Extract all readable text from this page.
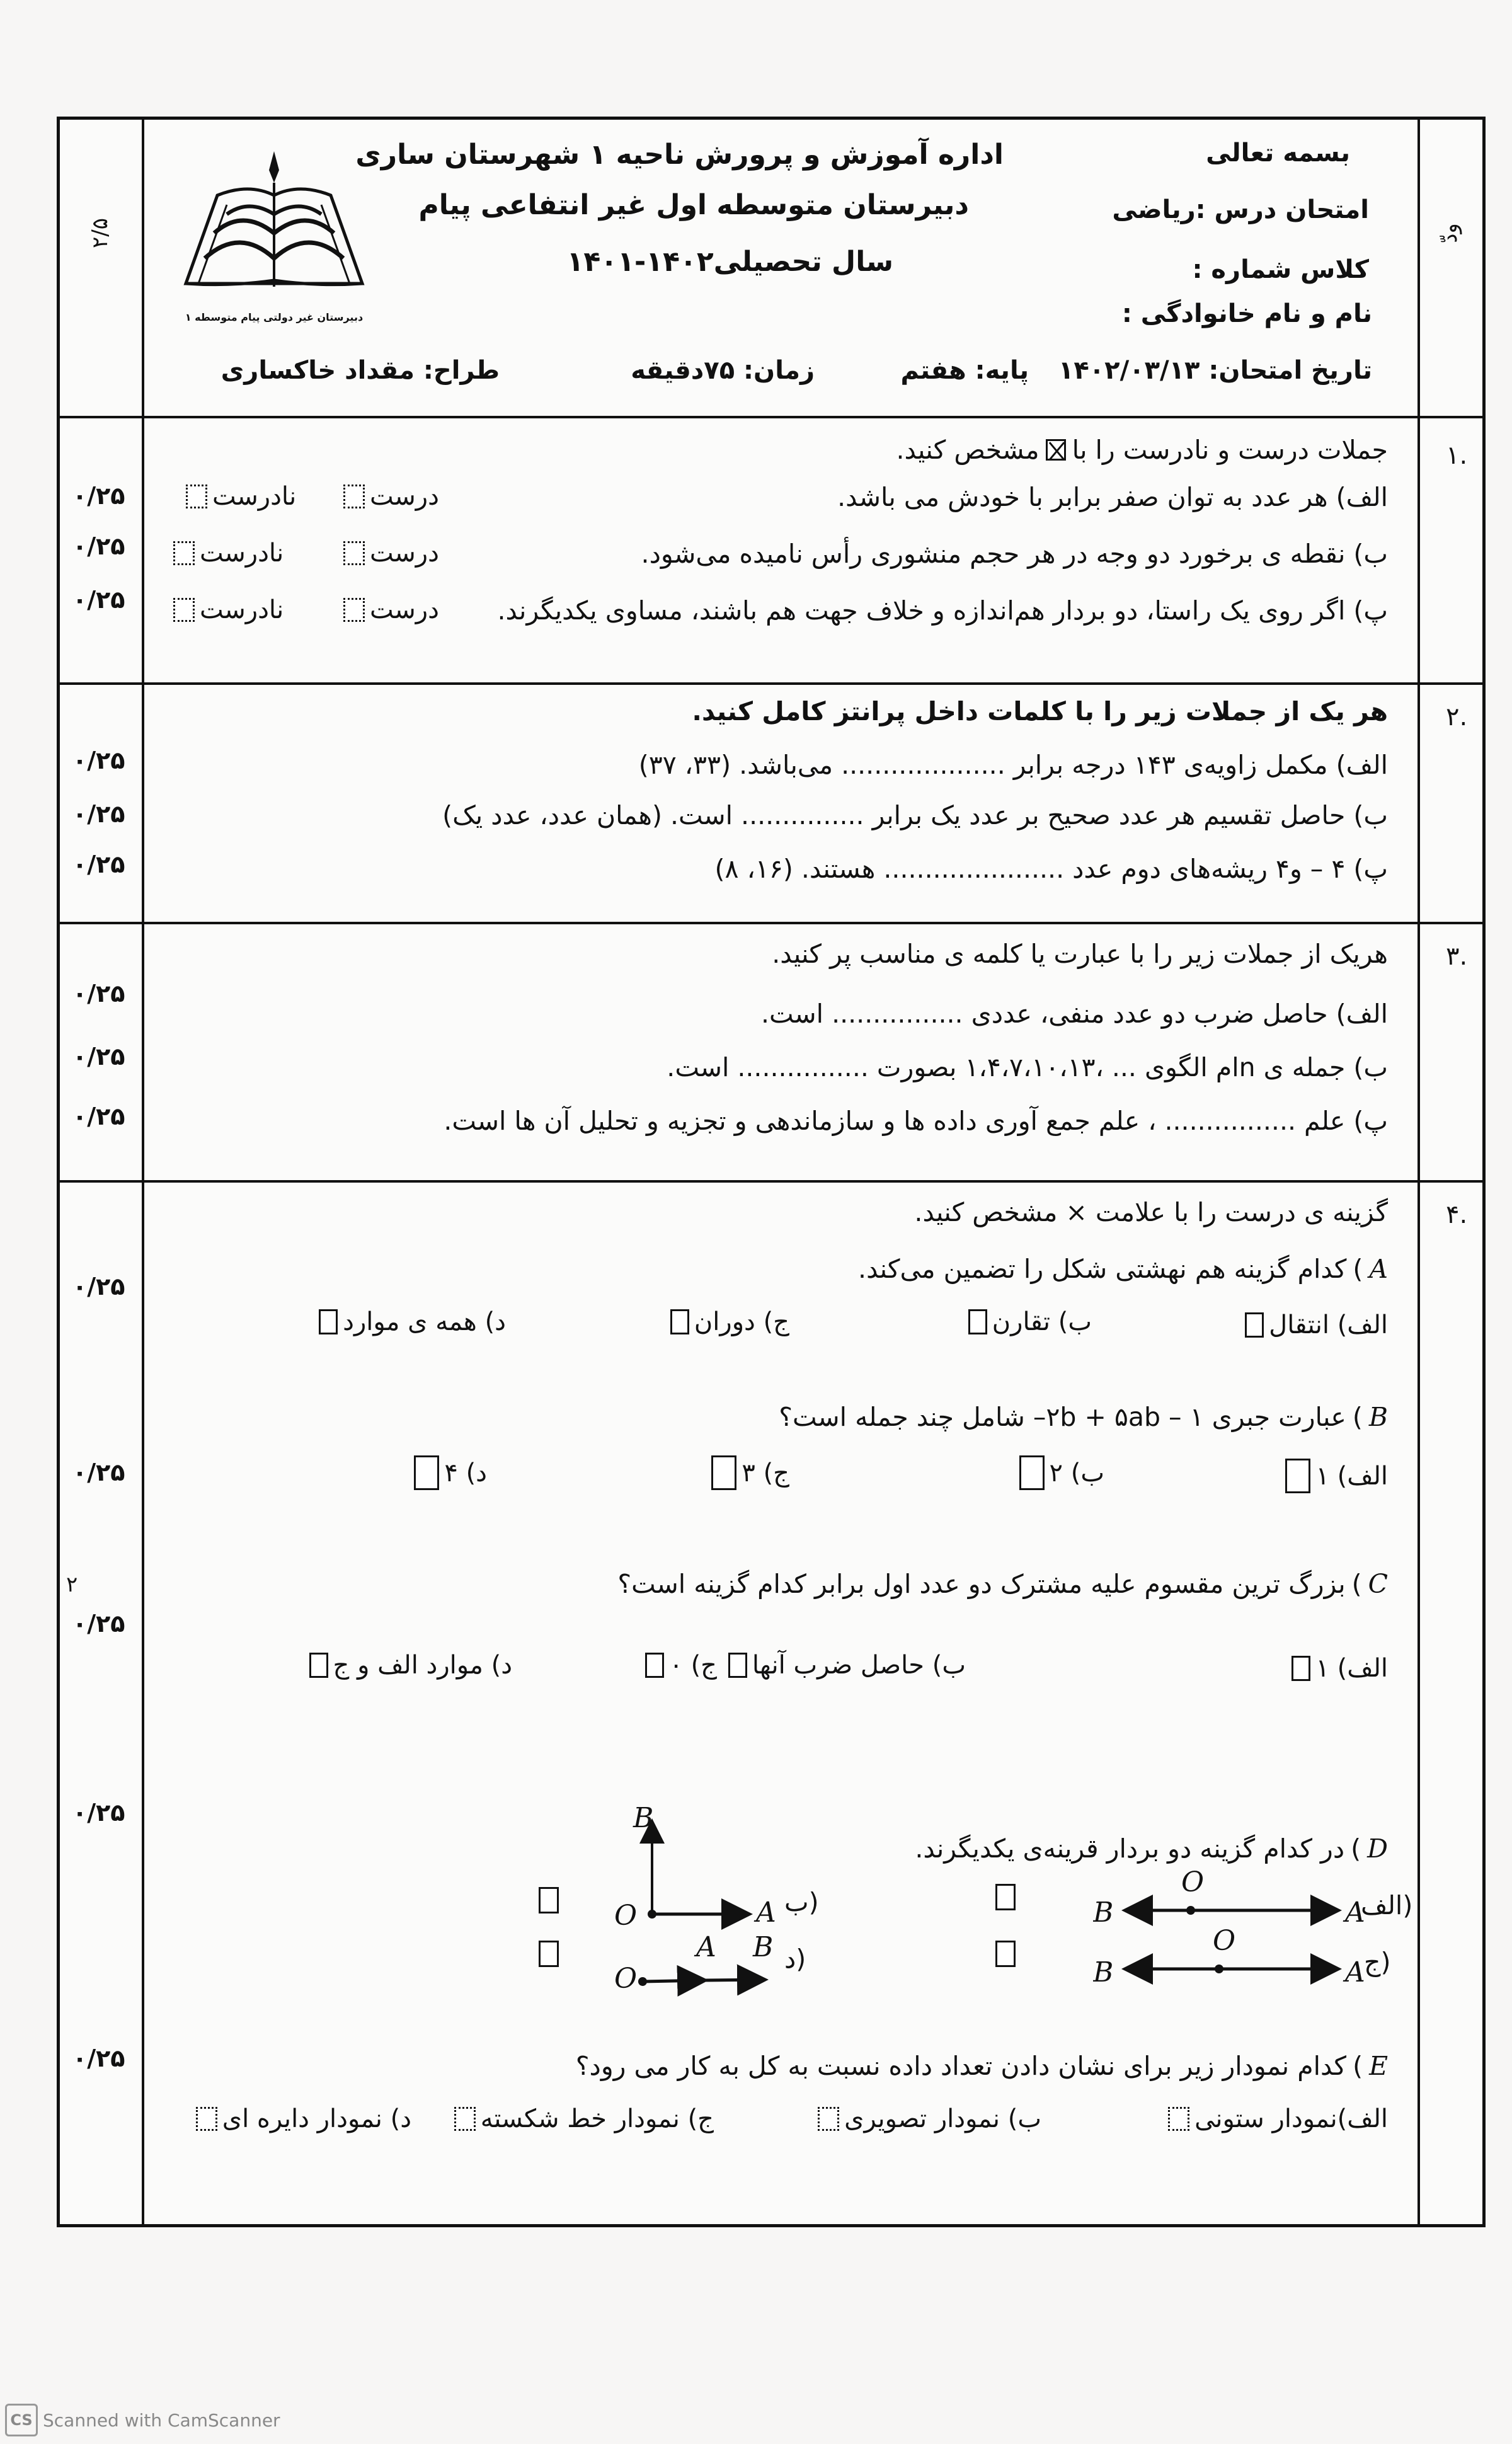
۲/۵	ودّ
دبیرستان غیر دولتی پیام متوسطه ۱
بسمه تعالی
اداره آموزش و پرورش ناحیه ۱ شهرستان ساری
امتحان درس :ریاضی
دبیرستان متوسطه اول غیر انتفاعی پیام
کلاس شماره :
سال تحصیلی۱۴۰۲-۱۴۰۱
نام و نام خانوادگی :
تاریخ امتحان: ۱۴۰۲/۰۳/۱۳
پایه: هفتم
زمان: ۷۵دقیقه
طراح: مقداد خاکساری
۱.
جملات درست و نادرست را با
مشخص کنید.
الف) هر عدد به توان صفر برابر با خودش می باشد.
۰/۲۵	درست
نادرست
ب) نقطه ی برخورد دو وجه در هر حجم منشوری رأس نامیده می‌شود.
۰/۲۵	درست
نادرست
پ) اگر روی یک راستا، دو بردار هم‌اندازه و خلاف جهت هم باشند، مساوی یکدیگرند.
۰/۲۵	درست
نادرست
۲.
هر یک از جملات زیر را با کلمات داخل پرانتز کامل کنید.
الف) مکمل زاویه‌ی ۱۴۳ درجه برابر .................... می‌باشد. (۳۳، ۳۷)
۰/۲۵
ب) حاصل تقسیم هر عدد صحیح بر عدد یک برابر ............... است. (همان عدد، عدد یک)
۰/۲۵
پ) ۴ – و۴ ریشه‌های دوم عدد ...................... هستند. (۱۶، ۸)
۰/۲۵
۳.
هریک از جملات زیر را با عبارت یا کلمه ی مناسب پر کنید.
الف) حاصل ضرب دو عدد منفی، عددی ................ است.
۰/۲۵
ب) جمله ی nام الگوی ... ،۱،۴،۷،۱۰،۱۳ بصورت ................ است.
۰/۲۵
پ) علم ................ ، علم جمع آوری داده ها و سازماندهی و تجزیه و تحلیل آن ها است.
۰/۲۵
۴.
گزینه ی درست را با علامت × مشخص کنید.
A
)
کدام گزینه هم نهشتی شکل را تضمین می‌کند.
۰/۲۵
الف) انتقال
ب) تقارن
ج) دوران
د) همه ی موارد
B
)
عبارت جبری ۱ – ۲b + ۵ab– شامل چند جمله است؟
۰/۲۵	الف) ۱
ب) ۲
ج) ۳
د) ۴
C
)
بزرگ ترین مقسوم علیه مشترک دو عدد اول برابر کدام گزینه است؟
۲
۰/۲۵
الف) ۱
ب) حاصل ضرب آنها
ج) ۰
د) موارد الف و ج
D
)
در کدام گزینه دو بردار قرینه‌ی یکدیگرند.
۰/۲۵
الف)
ج)
ب)
د)
B
O
A
B
O
A
B
O	A
A B
O
E
)
کدام نمودار زیر برای نشان دادن تعداد داده نسبت به کل به کار می رود؟
۰/۲۵
الف)نمودار ستونی
ب) نمودار تصویری
ج) نمودار خط شکسته
د) نمودار دایره ای
CS Scanned with CamScanner
